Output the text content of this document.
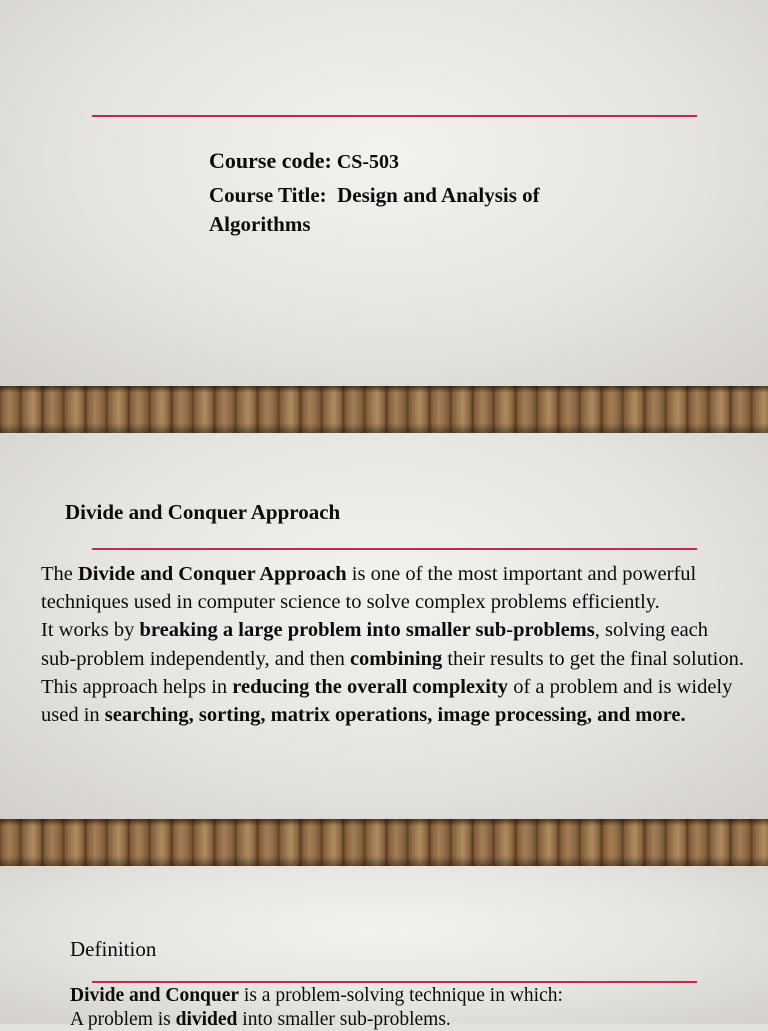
Course code: CS-503
Course Title:  Design and Analysis of Algorithms
Divide and Conquer Approach

The Divide and Conquer Approach is one of the most important and powerful techniques used in computer science to solve complex problems efficiently.

It works by breaking a large problem into smaller sub-problems, solving each sub-problem independently, and then combining their results to get the final solution.

This approach helps in reducing the overall complexity of a problem and is widely used in searching, sorting, matrix operations, image processing, and more.

Definition

Divide and Conquer is a problem-solving technique in which:

A problem is divided into smaller sub-problems.
